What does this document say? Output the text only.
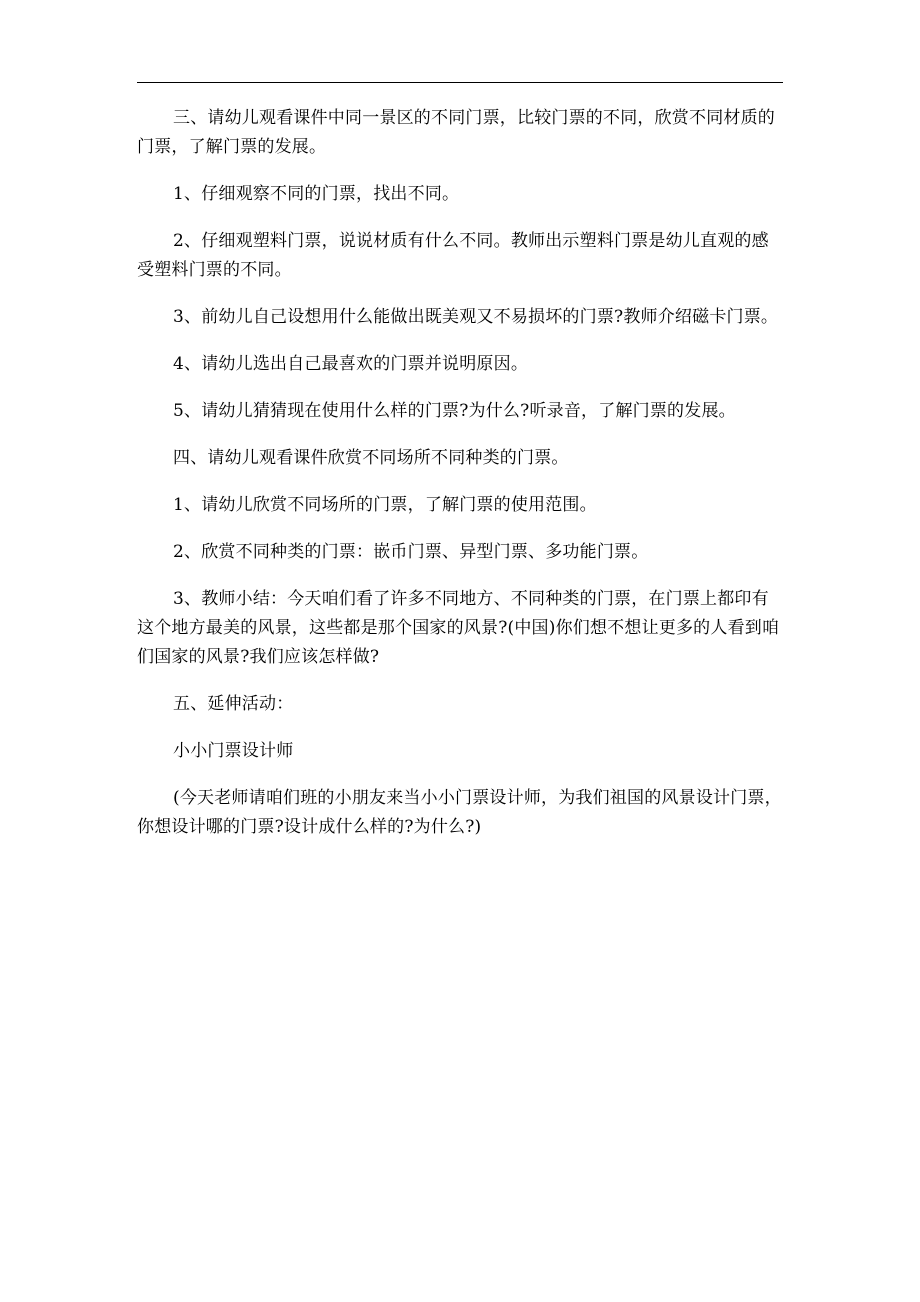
三、请幼儿观看课件中同一景区的不同门票，比较门票的不同，欣赏不同材质的门票，了解门票的发展。

1、仔细观察不同的门票，找出不同。

2、仔细观塑料门票，说说材质有什么不同。教师出示塑料门票是幼儿直观的感受塑料门票的不同。

3、前幼儿自己设想用什么能做出既美观又不易损坏的门票?教师介绍磁卡门票。

4、请幼儿选出自己最喜欢的门票并说明原因。

5、请幼儿猜猜现在使用什么样的门票?为什么?听录音，了解门票的发展。

四、请幼儿观看课件欣赏不同场所不同种类的门票。

1、请幼儿欣赏不同场所的门票，了解门票的使用范围。

2、欣赏不同种类的门票：嵌币门票、异型门票、多功能门票。

3、教师小结：今天咱们看了许多不同地方、不同种类的门票，在门票上都印有这个地方最美的风景，这些都是那个国家的风景?(中国)你们想不想让更多的人看到咱们国家的风景?我们应该怎样做?

五、延伸活动：

小小门票设计师

(今天老师请咱们班的小朋友来当小小门票设计师，为我们祖国的风景设计门票，你想设计哪的门票?设计成什么样的?为什么?)
